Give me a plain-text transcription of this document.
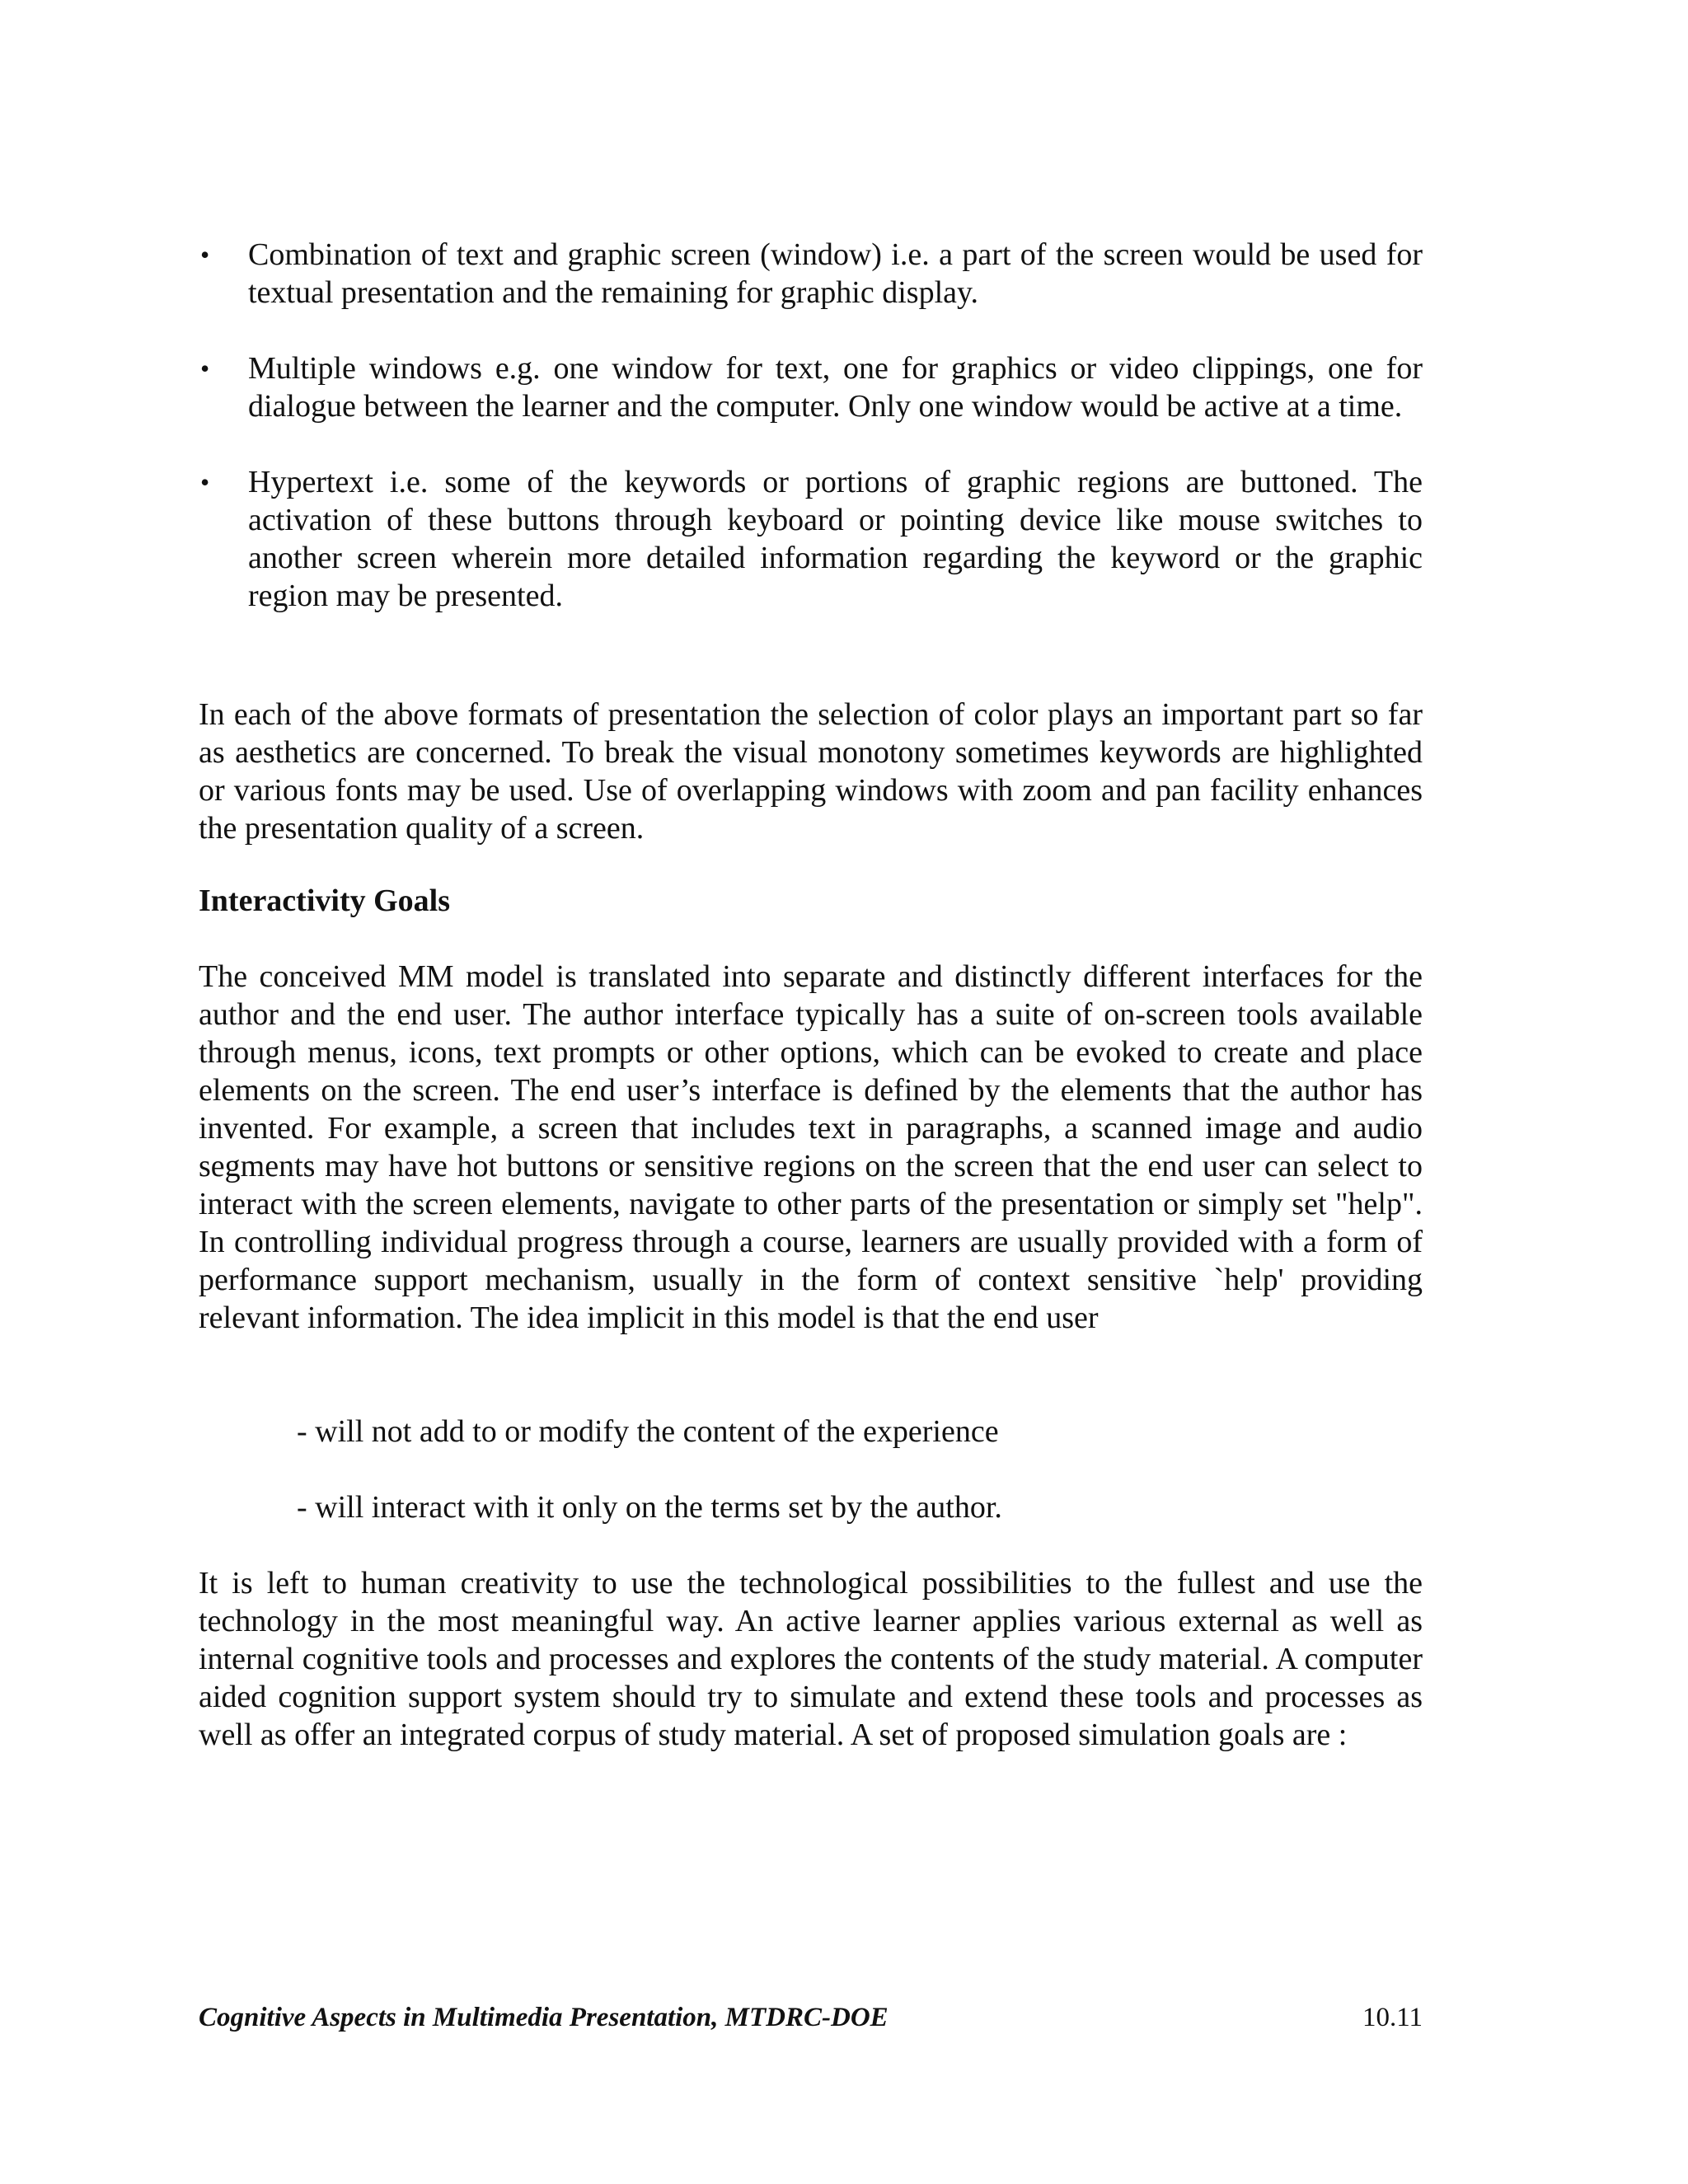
•	Combination of text and graphic screen (window) i.e. a part of the screen would be used for textual presentation and the remaining for graphic display.
•	Multiple windows e.g. one window for text, one for graphics or video clippings, one for dialogue between the learner and the computer. Only one window would be active at a time.
•	Hypertext i.e. some of the keywords or portions of graphic regions are buttoned. The activation of these buttons through keyboard or pointing device like mouse switches to another screen wherein more detailed information regarding the keyword or the graphic region may be presented.

In each of the above formats of presentation the selection of color plays an important part so far as aesthetics are concerned. To break the visual monotony sometimes keywords are highlighted or various fonts may be used. Use of overlapping windows with zoom and pan facility enhances the presentation quality of a screen.

Interactivity Goals

The conceived MM model is translated into separate and distinctly different interfaces for the author and the end user. The author interface typically has a suite of on-screen tools available through menus, icons, text prompts or other options, which can be evoked to create and place elements on the screen. The end user’s interface is defined by the elements that the author has invented. For example, a screen that includes text in paragraphs, a scanned image and audio segments may have hot buttons or sensitive regions on the screen that the end user can select to interact with the screen elements, navigate to other parts of the presentation or simply set "help". In controlling individual progress through a course, learners are usually provided with a form of performance support mechanism, usually in the form of context sensitive `help' providing relevant information. The idea implicit in this model is that the end user

- will not add to or modify the content of the experience
- will interact with it only on the terms set by the author.

It is left to human creativity to use the technological possibilities to the fullest and use the technology in the most meaningful way. An active learner applies various external as well as internal cognitive tools and processes and explores the contents of the study material. A computer aided cognition support system should try to simulate and extend these tools and processes as well as offer an integrated corpus of study material. A set of proposed simulation goals are :

Cognitive Aspects in Multimedia Presentation, MTDRC-DOE	10.11
